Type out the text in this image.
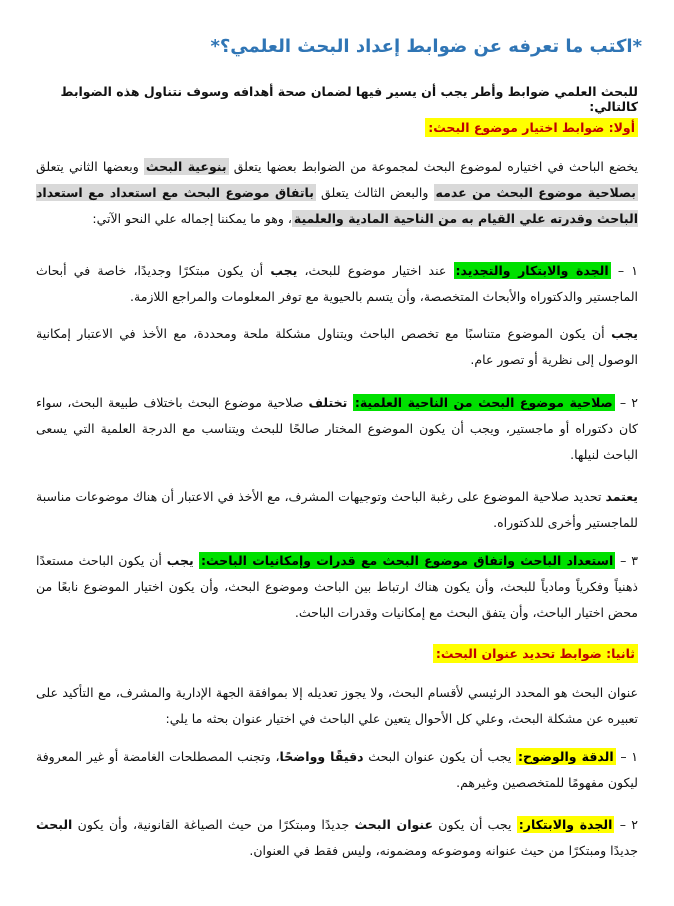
*اكتب ما تعرفه عن ضوابط إعداد البحث العلمي؟*
للبحث العلمي ضوابط وأطر يجب أن يسير فيها لضمان صحة أهدافه وسوف نتناول هذه الضوابط كالتالي:
أولا: ضوابط اختيار موضوع البحث:
يخضع الباحث في اختياره لموضوع البحث لمجموعة من الضوابط بعضها يتعلق بنوعية البحث وبعضها الثاني يتعلق بصلاحية موضوع البحث من عدمه والبعض الثالث يتعلق باتفاق موضوع البحث مع استعداد مع استعداد الباحث وقدرته علي القيام به من الناحية المادية والعلمية، وهو ما يمكننا إجماله علي النحو الآتي:
١ – الجدة والابتكار والتجديد: عند اختيار موضوع للبحث، يجب أن يكون مبتكرًا وجديدًا، خاصة في أبحاث الماجستير والدكتوراه والأبحاث المتخصصة، وأن يتسم بالحيوية مع توفر المعلومات والمراجع اللازمة.
يجب أن يكون الموضوع متناسبًا مع تخصص الباحث ويتناول مشكلة ملحة ومحددة، مع الأخذ في الاعتبار إمكانية الوصول إلى نظرية أو تصور عام.
٢ – صلاحية موضوع البحث من الناحية العلمية: تختلف صلاحية موضوع البحث باختلاف طبيعة البحث، سواء كان دكتوراه أو ماجستير، ويجب أن يكون الموضوع المختار صالحًا للبحث ويتناسب مع الدرجة العلمية التي يسعى الباحث لنيلها.
يعتمد تحديد صلاحية الموضوع على رغبة الباحث وتوجيهات المشرف، مع الأخذ في الاعتبار أن هناك موضوعات مناسبة للماجستير وأخرى للدكتوراه.
٣ – استعداد الباحث واتفاق موضوع البحث مع قدرات وإمكانيات الباحث: يجب أن يكون الباحث مستعدًا ذهنياً وفكرياً ومادياً للبحث، وأن يكون هناك ارتباط بين الباحث وموضوع البحث، وأن يكون اختيار الموضوع نابعًا من محض اختيار الباحث، وأن يتفق البحث مع إمكانيات وقدرات الباحث.
ثانيا: ضوابط تحديد عنوان البحث:
عنوان البحث هو المحدد الرئيسي لأقسام البحث، ولا يجوز تعديله إلا بموافقة الجهة الإدارية والمشرف، مع التأكيد على تعبيره عن مشكلة البحث، وعلي كل الأحوال يتعين علي الباحث في اختيار عنوان بحثه ما يلي:
١ – الدقة والوضوح: يجب أن يكون عنوان البحث دقيقًا وواضحًا، وتجنب المصطلحات الغامضة أو غير المعروفة ليكون مفهومًا للمتخصصين وغيرهم.
٢ – الجدة والابتكار: يجب أن يكون عنوان البحث جديدًا ومبتكرًا من حيث الصياغة القانونية، وأن يكون البحث جديدًا ومبتكرًا من حيث عنوانه وموضوعه ومضمونه، وليس فقط في العنوان.
